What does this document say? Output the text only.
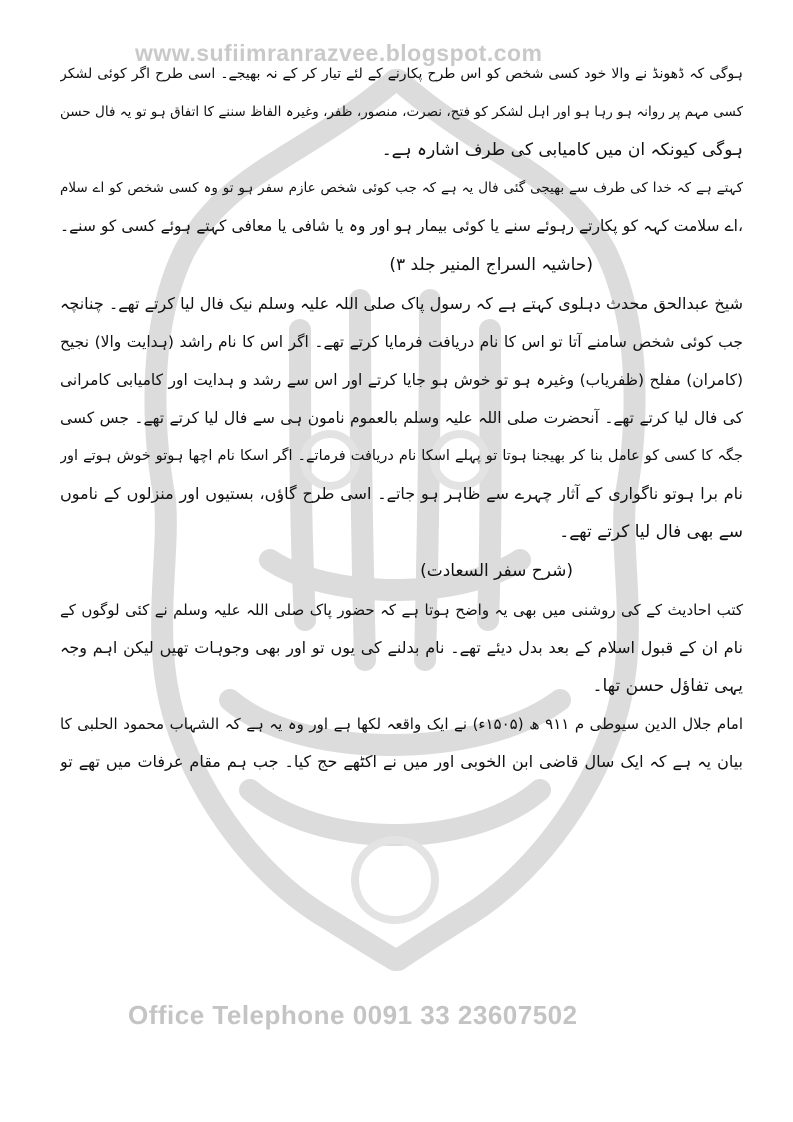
www.sufiimranrazvee.blogspot.com
Office Telephone 0091 33 23607502
ہوگی کہ ڈھونڈ نے والا خود کسی شخص کو اس طرح پکارنے کے لئے تیار کر کے نہ بھیجے۔ اسی طرح اگر کوئی لشکر
کسی مہم پر روانہ ہو رہا ہو اور اہل لشکر کو فتح، نصرت، منصور، ظفر، وغیرہ الفاظ سننے کا اتفاق ہو تو یہ فال حسن
ہوگی کیونکہ ان میں کامیابی کی طرف اشارہ ہے۔
کہتے ہے کہ خدا کی طرف سے بھیجی گئی فال یہ ہے کہ جب کوئی شخص عازم سفر ہو تو وہ کسی شخص کو اے سلام
،اے سلامت کہہ کو پکارتے رہوئے سنے یا کوئی بیمار ہو اور وہ یا شافی یا معافی کہتے ہوئے کسی کو سنے۔
(حاشیہ السراج المنیر جلد ۳)
شیخ عبدالحق محدث دہلوی کہتے ہے کہ رسول پاک صلی اللہ علیہ وسلم نیک فال لیا کرتے تھے۔ چنانچہ
جب کوئی شخص سامنے آتا تو اس کا نام دریافت فرمایا کرتے تھے۔ اگر اس کا نام راشد (ہدایت والا) نجیح
(کامران) مفلح (ظفریاب) وغیرہ ہو تو خوش ہو جایا کرتے اور اس سے رشد و ہدایت اور کامیابی کامرانی
کی فال لیا کرتے تھے۔ آنحضرت صلی اللہ علیہ وسلم بالعموم نامون ہی سے فال لیا کرتے تھے۔ جس کسی
جگہ کا کسی کو عامل بنا کر بھیجنا ہوتا تو پہلے اسکا نام دریافت فرماتے۔ اگر اسکا نام اچھا ہوتو خوش ہوتے اور
نام برا ہوتو ناگواری کے آثار چہرے سے ظاہر ہو جاتے۔ اسی طرح گاؤں، بستیوں اور منزلوں کے ناموں
سے بھی فال لیا کرتے تھے۔
(شرح سفر السعادت)
کتب احادیث کے کی روشنی میں بھی یہ واضح ہوتا ہے کہ حضور پاک صلی اللہ علیہ وسلم نے کئی لوگوں کے
نام ان کے قبول اسلام کے بعد بدل دیئے تھے۔ نام بدلنے کی یوں تو اور بھی وجوہات تھیں لیکن اہم وجہ
یہی تفاؤل حسن تھا۔
امام جلال الدین سیوطی م ۹۱۱ ھ (۱۵۰۵ء) نے ایک واقعہ لکھا ہے اور وہ یہ ہے کہ الشہاب محمود الحلبی کا
بیان یہ ہے کہ ایک سال قاضی ابن الخوبی اور میں نے اکٹھے حج کیا۔ جب ہم مقام عرفات میں تھے تو
